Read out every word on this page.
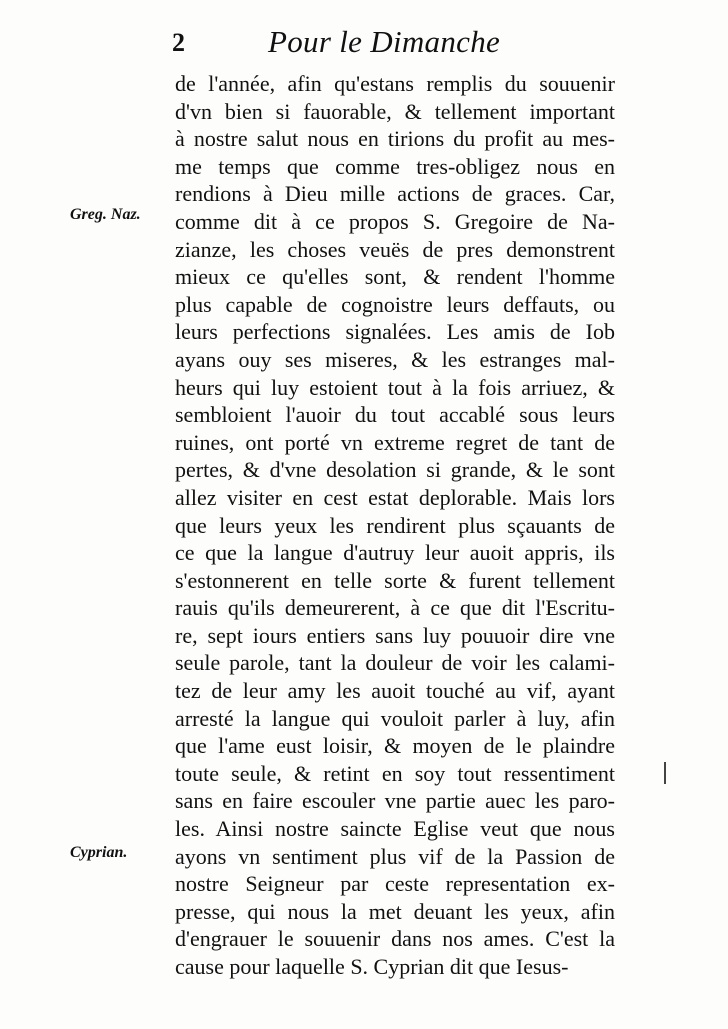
2	Pour le Dimanche
Greg. Naz.
Cyprian.
de l'année, afin qu'estans remplis du souuenir
d'vn bien si fauorable, & tellement important
à nostre salut nous en tirions du profit au mes-
me temps que comme tres-obligez nous en
rendions à Dieu mille actions de graces. Car,
comme dit à ce propos S. Gregoire de Na-
zianze, les choses veuës de pres demonstrent
mieux ce qu'elles sont, & rendent l'homme
plus capable de cognoistre leurs deffauts, ou
leurs perfections signalées. Les amis de Iob
ayans ouy ses miseres, & les estranges mal-
heurs qui luy estoient tout à la fois arriuez, &
sembloient l'auoir du tout accablé sous leurs
ruines, ont porté vn extreme regret de tant de
pertes, & d'vne desolation si grande, & le sont
allez visiter en cest estat deplorable. Mais lors
que leurs yeux les rendirent plus sçauants de
ce que la langue d'autruy leur auoit appris, ils
s'estonnerent en telle sorte & furent tellement
rauis qu'ils demeurerent, à ce que dit l'Escritu-
re, sept iours entiers sans luy pouuoir dire vne
seule parole, tant la douleur de voir les calami-
tez de leur amy les auoit touché au vif, ayant
arresté la langue qui vouloit parler à luy, afin
que l'ame eust loisir, & moyen de le plaindre
toute seule, & retint en soy tout ressentiment
sans en faire escouler vne partie auec les paro-
les. Ainsi nostre saincte Eglise veut que nous
ayons vn sentiment plus vif de la Passion de
nostre Seigneur par ceste representation ex-
presse, qui nous la met deuant les yeux, afin
d'engrauer le souuenir dans nos ames. C'est la
cause pour laquelle S. Cyprian dit que Iesus-
